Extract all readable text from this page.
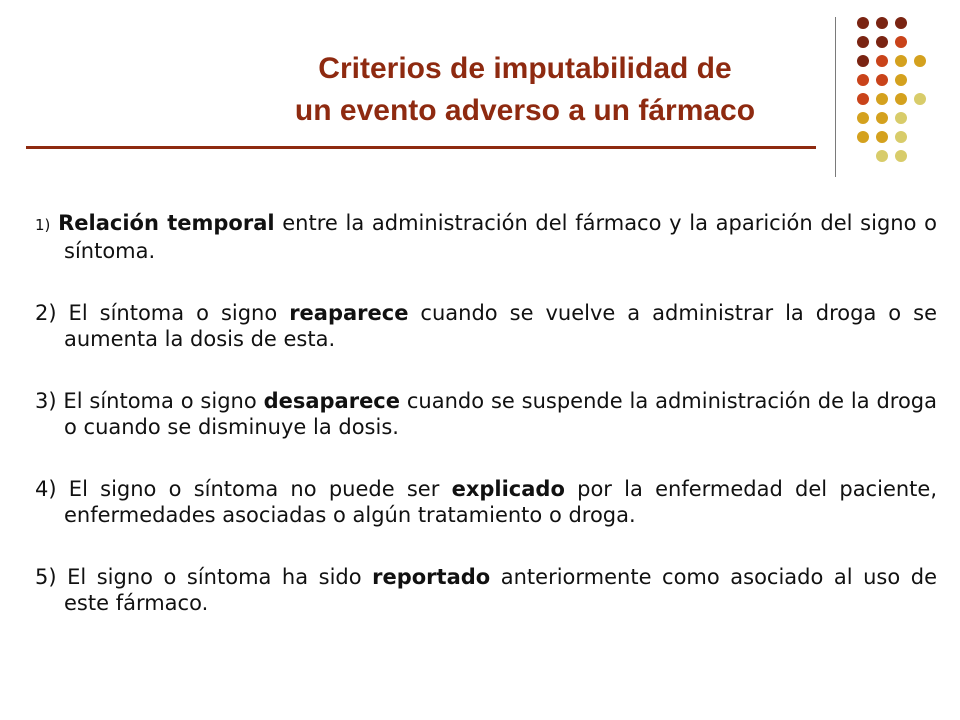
Criterios de imputabilidad de
un evento adverso a un fármaco
1) Relación temporal entre la administración del fármaco y la aparición del signo o síntoma.
2) El síntoma o signo reaparece cuando se vuelve a administrar la droga o se aumenta la dosis de esta.
3) El síntoma o signo desaparece cuando se suspende la administración de la droga o cuando se disminuye la dosis.
4) El signo o síntoma no puede ser explicado por la enfermedad del paciente, enfermedades asociadas o algún tratamiento o droga.
5) El signo o síntoma ha sido reportado anteriormente como asociado al uso de este fármaco.
